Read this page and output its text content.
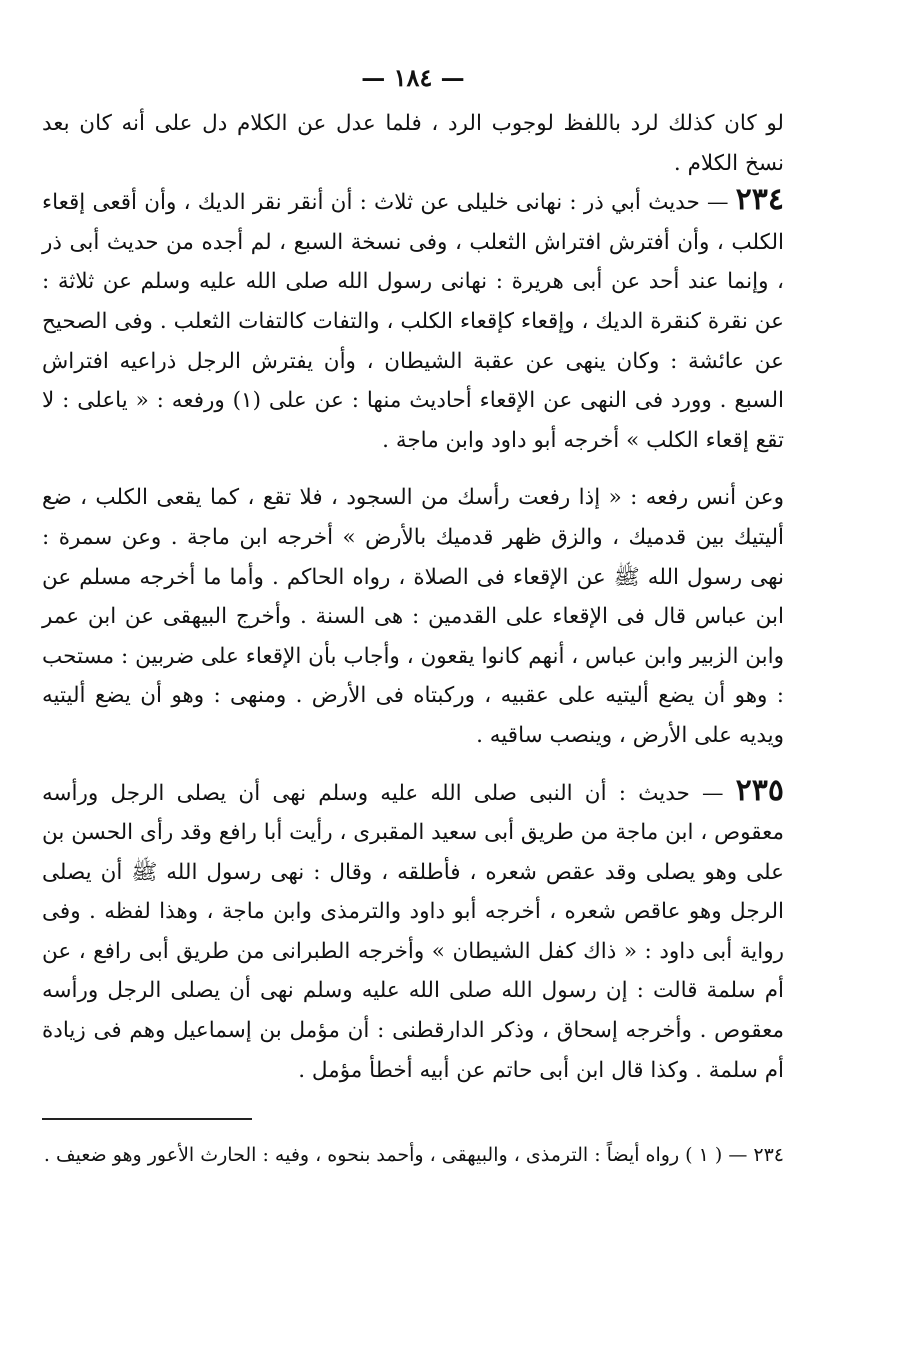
— ١٨٤ —

لو كان كذلك لرد باللفظ لوجوب الرد ، فلما عدل عن الكلام دل على أنه كان بعد نسخ الكلام .

٢٣٤ — حديث أبي ذر : نهانى خليلى عن ثلاث : أن أنقر نقر الديك ، وأن أقعى إقعاء الكلب ، وأن أفترش افتراش الثعلب ، وفى نسخة السبع ، لم أجده من حديث أبى ذر ، وإنما عند أحد عن أبى هريرة : نهانى رسول الله صلى الله عليه وسلم عن ثلاثة : عن نقرة كنقرة الديك ، وإقعاء كإقعاء الكلب ، والتفات كالتفات الثعلب . وفى الصحيح عن عائشة : وكان ينهى عن عقبة الشيطان ، وأن يفترش الرجل ذراعيه افتراش السبع . وورد فى النهى عن الإقعاء أحاديث منها : عن على (١) ورفعه : « ياعلى : لا تقع إقعاء الكلب » أخرجه أبو داود وابن ماجة .

وعن أنس رفعه : « إذا رفعت رأسك من السجود ، فلا تقع ، كما يقعى الكلب ، ضع أليتيك بين قدميك ، والزق ظهر قدميك بالأرض » أخرجه ابن ماجة . وعن سمرة : نهى رسول الله ﷺ عن الإقعاء فى الصلاة ، رواه الحاكم . وأما ما أخرجه مسلم عن ابن عباس قال فى الإقعاء على القدمين : هى السنة . وأخرج البيهقى عن ابن عمر وابن الزبير وابن عباس ، أنهم كانوا يقعون ، وأجاب بأن الإقعاء على ضربين : مستحب : وهو أن يضع أليتيه على عقبيه ، وركبتاه فى الأرض . ومنهى : وهو أن يضع أليتيه ويديه على الأرض ، وينصب ساقيه .

٢٣٥ — حديث : أن النبى صلى الله عليه وسلم نهى أن يصلى الرجل ورأسه معقوص ، ابن ماجة من طريق أبى سعيد المقبرى ، رأيت أبا رافع وقد رأى الحسن بن على وهو يصلى وقد عقص شعره ، فأطلقه ، وقال : نهى رسول الله ﷺ أن يصلى الرجل وهو عاقص شعره ، أخرجه أبو داود والترمذى وابن ماجة ، وهذا لفظه . وفى رواية أبى داود : « ذاك كفل الشيطان » وأخرجه الطبرانى من طريق أبى رافع ، عن أم سلمة قالت : إن رسول الله صلى الله عليه وسلم نهى أن يصلى الرجل ورأسه معقوص . وأخرجه إسحاق ، وذكر الدارقطنى : أن مؤمل بن إسماعيل وهم فى زيادة أم سلمة . وكذا قال ابن أبى حاتم عن أبيه أخطأ مؤمل .

٢٣٤ — ( ١ ) رواه أيضاً : الترمذى ، والبيهقى ، وأحمد بنحوه ، وفيه : الحارث الأعور وهو ضعيف .
